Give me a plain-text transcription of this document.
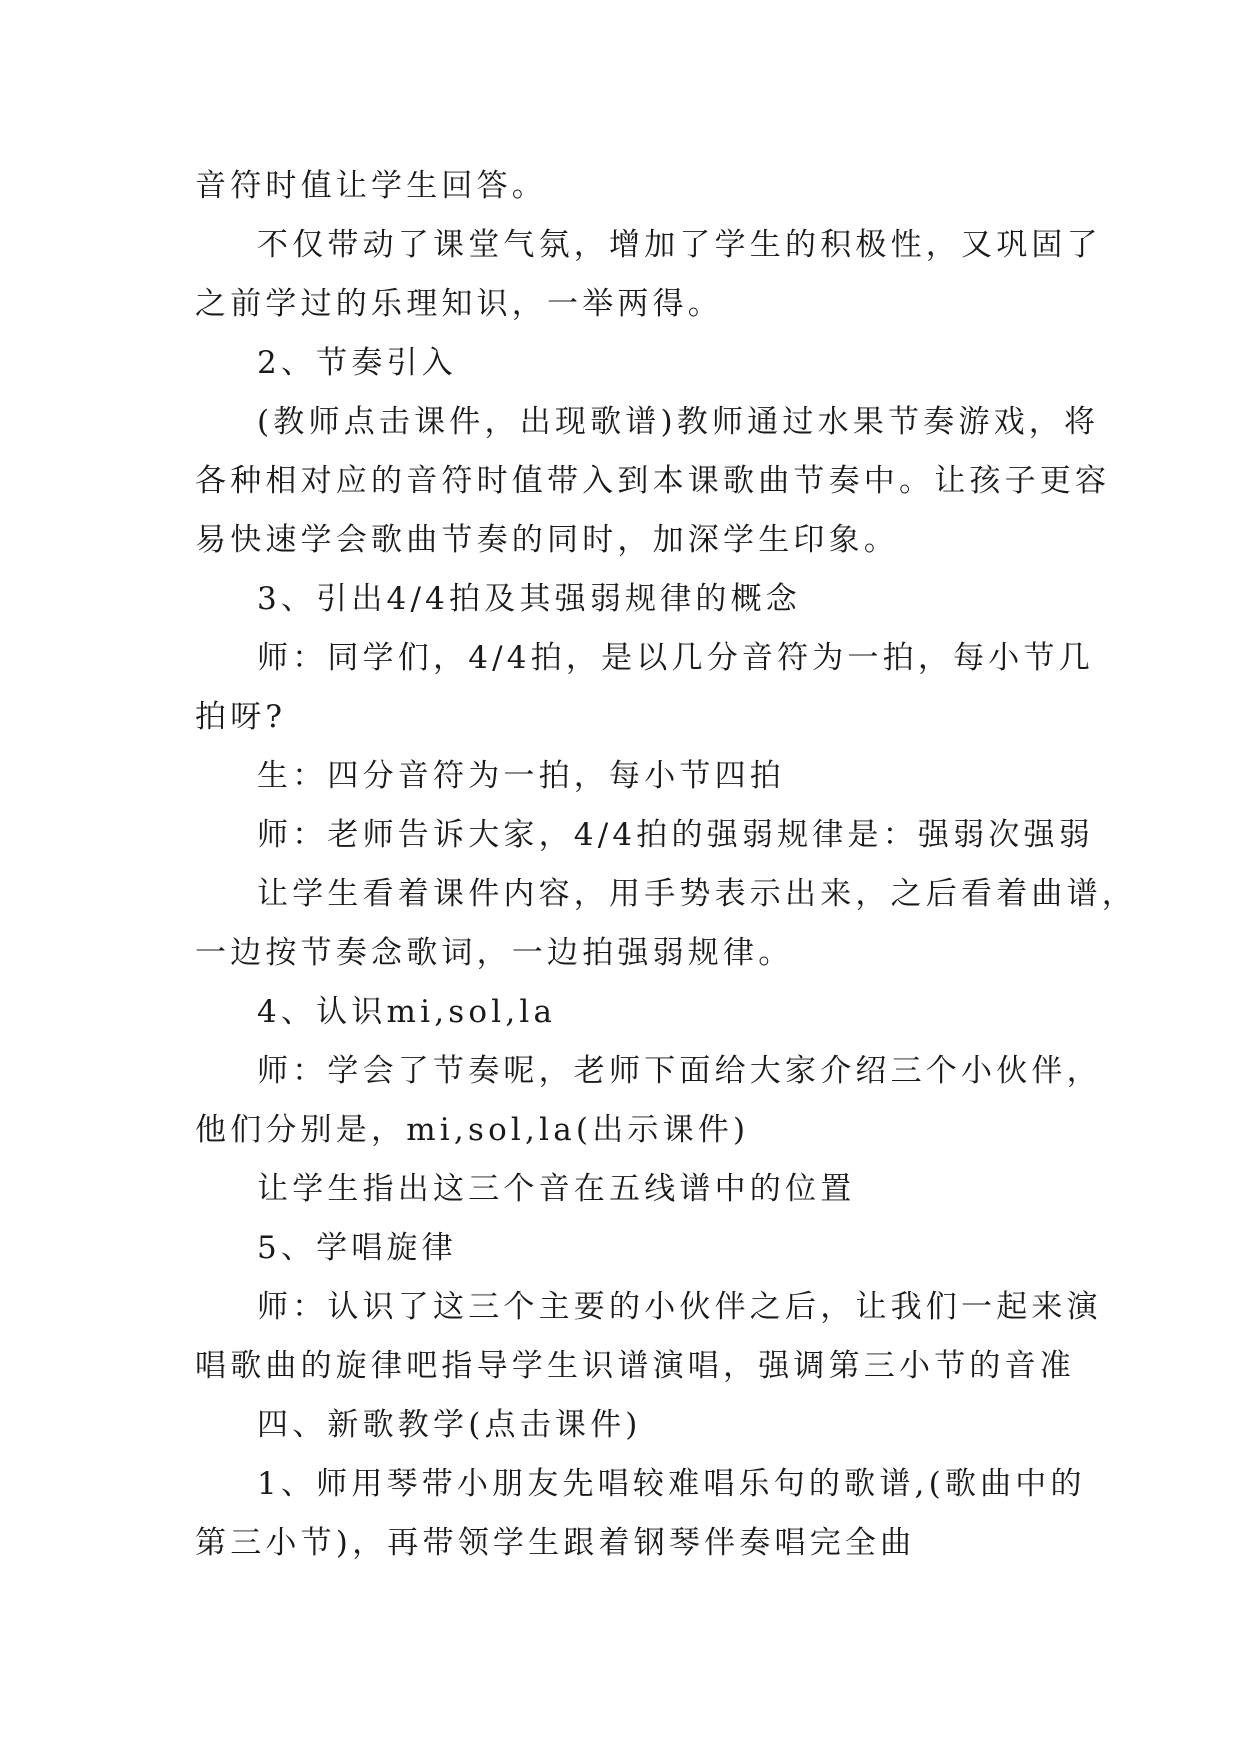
音符时值让学生回答。
不仅带动了课堂气氛，增加了学生的积极性，又巩固了
之前学过的乐理知识，一举两得。
2、节奏引入
(教师点击课件，出现歌谱)教师通过水果节奏游戏，将
各种相对应的音符时值带入到本课歌曲节奏中。让孩子更容
易快速学会歌曲节奏的同时，加深学生印象。
3、引出4/4拍及其强弱规律的概念
师：同学们，4/4拍，是以几分音符为一拍，每小节几
拍呀?
生：四分音符为一拍，每小节四拍
师：老师告诉大家，4/4拍的强弱规律是：强弱次强弱
让学生看着课件内容，用手势表示出来，之后看着曲谱，
一边按节奏念歌词，一边拍强弱规律。
4、认识mi,sol,la
师：学会了节奏呢，老师下面给大家介绍三个小伙伴，
他们分别是，mi,sol,la(出示课件)
让学生指出这三个音在五线谱中的位置
5、学唱旋律
师：认识了这三个主要的小伙伴之后，让我们一起来演
唱歌曲的旋律吧指导学生识谱演唱，强调第三小节的音准
四、新歌教学(点击课件)
1、师用琴带小朋友先唱较难唱乐句的歌谱,(歌曲中的
第三小节)，再带领学生跟着钢琴伴奏唱完全曲
